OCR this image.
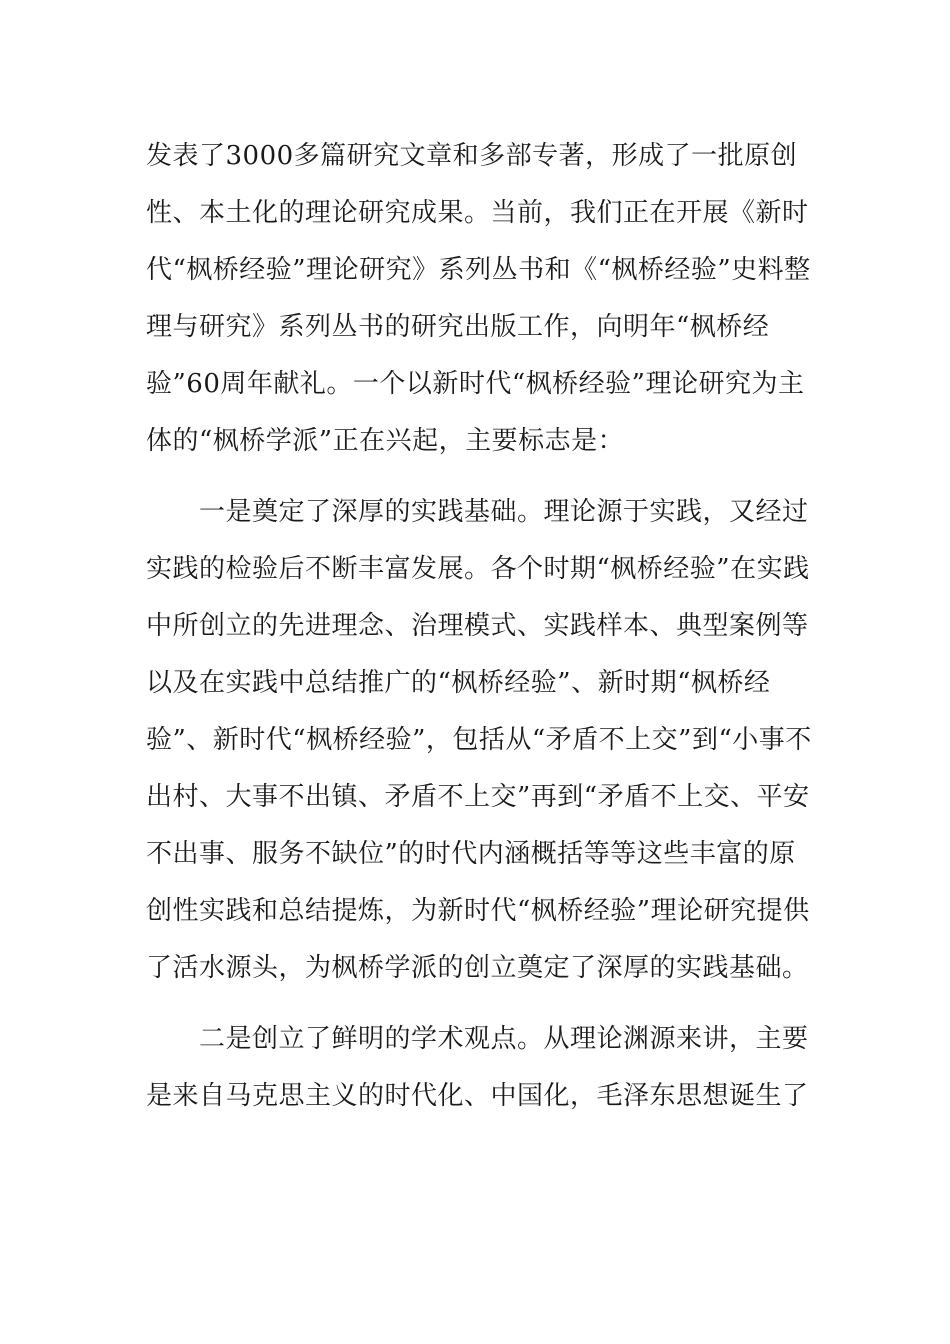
发表了3000多篇研究文章和多部专著，形成了一批原创性、本土化的理论研究成果。当前，我们正在开展《新时代“枫桥经验”理论研究》系列丛书和《“枫桥经验”史料整理与研究》系列丛书的研究出版工作，向明年“枫桥经验”60周年献礼。一个以新时代“枫桥经验”理论研究为主体的“枫桥学派”正在兴起，主要标志是：

　　一是奠定了深厚的实践基础。理论源于实践，又经过实践的检验后不断丰富发展。各个时期“枫桥经验”在实践中所创立的先进理念、治理模式、实践样本、典型案例等以及在实践中总结推广的“枫桥经验”、新时期“枫桥经验”、新时代“枫桥经验”，包括从“矛盾不上交”到“小事不出村、大事不出镇、矛盾不上交”再到“矛盾不上交、平安不出事、服务不缺位”的时代内涵概括等等这些丰富的原创性实践和总结提炼，为新时代“枫桥经验”理论研究提供了活水源头，为枫桥学派的创立奠定了深厚的实践基础。

　　二是创立了鲜明的学术观点。从理论渊源来讲，主要是来自马克思主义的时代化、中国化，毛泽东思想诞生了
